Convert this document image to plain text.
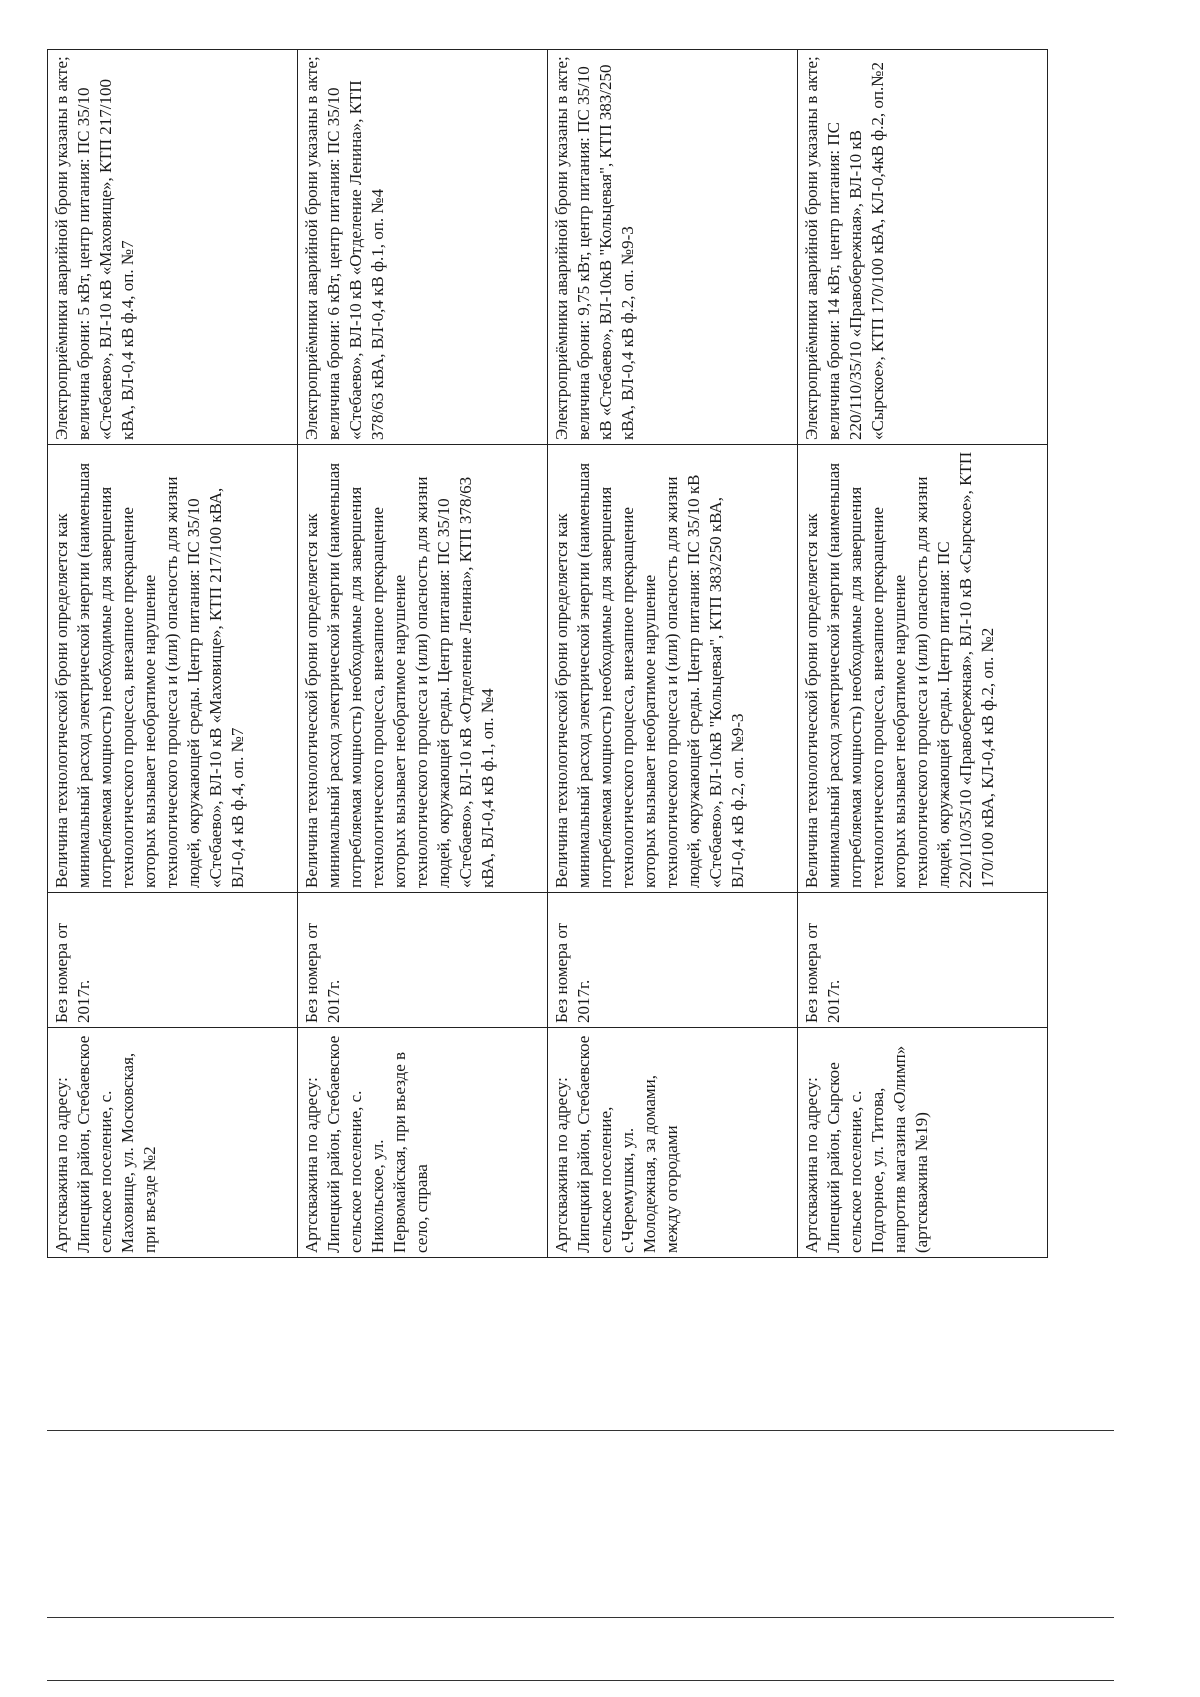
Артскважина по адресу: Липецкий район, Стебаевское сельское поселение, с. Маховище, ул. Московская, при въезде №2	Без номера от 2017г.	Величина технологической брони определяется как минимальный расход электрической энергии (наименьшая потребляемая мощность) необходимые для завершения технологического процесса, внезапное прекращение которых вызывает необратимое нарушение технологического процесса и (или) опасность для жизни людей, окружающей среды. Центр питания: ПС 35/10 «Стебаево», ВЛ-10 кВ «Маховище», КТП 217/100 кВА, ВЛ-0,4 кВ ф.4, оп. №7	Электроприёмники аварийной брони указаны в акте; величина брони: 5 кВт, центр питания: ПС 35/10 «Стебаево», ВЛ-10 кВ «Маховище», КТП 217/100 кВА, ВЛ-0,4 кВ ф.4, оп. №7

Артскважина по адресу: Липецкий район, Стебаевское сельское поселение, с. Никольское, ул. Первомайская, при въезде в село, справа	Без номера от 2017г.	Величина технологической брони определяется как минимальный расход электрической энергии (наименьшая потребляемая мощность) необходимые для завершения технологического процесса, внезапное прекращение которых вызывает необратимое нарушение технологического процесса и (или) опасность для жизни людей, окружающей среды. Центр питания: ПС 35/10 «Стебаево», ВЛ-10 кВ «Отделение Ленина», КТП 378/63 кВА, ВЛ-0,4 кВ ф.1, оп. №4	Электроприёмники аварийной брони указаны в акте; величина брони: 6 кВт, центр питания: ПС 35/10 «Стебаево», ВЛ-10 кВ «Отделение Ленина», КТП 378/63 кВА, ВЛ-0,4 кВ ф.1, оп. №4

Артскважина по адресу: Липецкий район, Стебаевское сельское поселение, с.Черемушки, ул. Молодежная, за домами, между огородами	Без номера от 2017г.	Величина технологической брони определяется как минимальный расход электрической энергии (наименьшая потребляемая мощность) необходимые для завершения технологического процесса, внезапное прекращение которых вызывает необратимое нарушение технологического процесса и (или) опасность для жизни людей, окружающей среды. Центр питания: ПС 35/10 кВ «Стебаево», ВЛ-10кВ "Кольцевая", КТП 383/250 кВА, ВЛ-0,4 кВ ф.2, оп. №9-3	Электроприёмники аварийной брони указаны в акте; величина брони: 9,75 кВт, центр питания: ПС 35/10 кВ «Стебаево», ВЛ-10кВ "Кольцевая", КТП 383/250 кВА, ВЛ-0,4 кВ ф.2, оп. №9-3

Артскважина по адресу: Липецкий район, Сырское сельское поселение, с. Подгорное, ул. Титова, напротив магазина «Олимп» (артскважина №19)	Без номера от 2017г.	Величина технологической брони определяется как минимальный расход электрической энергии (наименьшая потребляемая мощность) необходимые для завершения технологического процесса, внезапное прекращение которых вызывает необратимое нарушение технологического процесса и (или) опасность для жизни людей, окружающей среды. Центр питания: ПС 220/110/35/10 «Правобережная», ВЛ-10 кВ «Сырское», КТП 170/100 кВА, КЛ-0,4 кВ ф.2, оп. №2	Электроприёмники аварийной брони указаны в акте; величина брони: 14 кВт, центр питания: ПС 220/110/35/10 «Правобережная», ВЛ-10 кВ «Сырское», КТП 170/100 кВА, КЛ-0,4кВ ф.2, оп.№2
